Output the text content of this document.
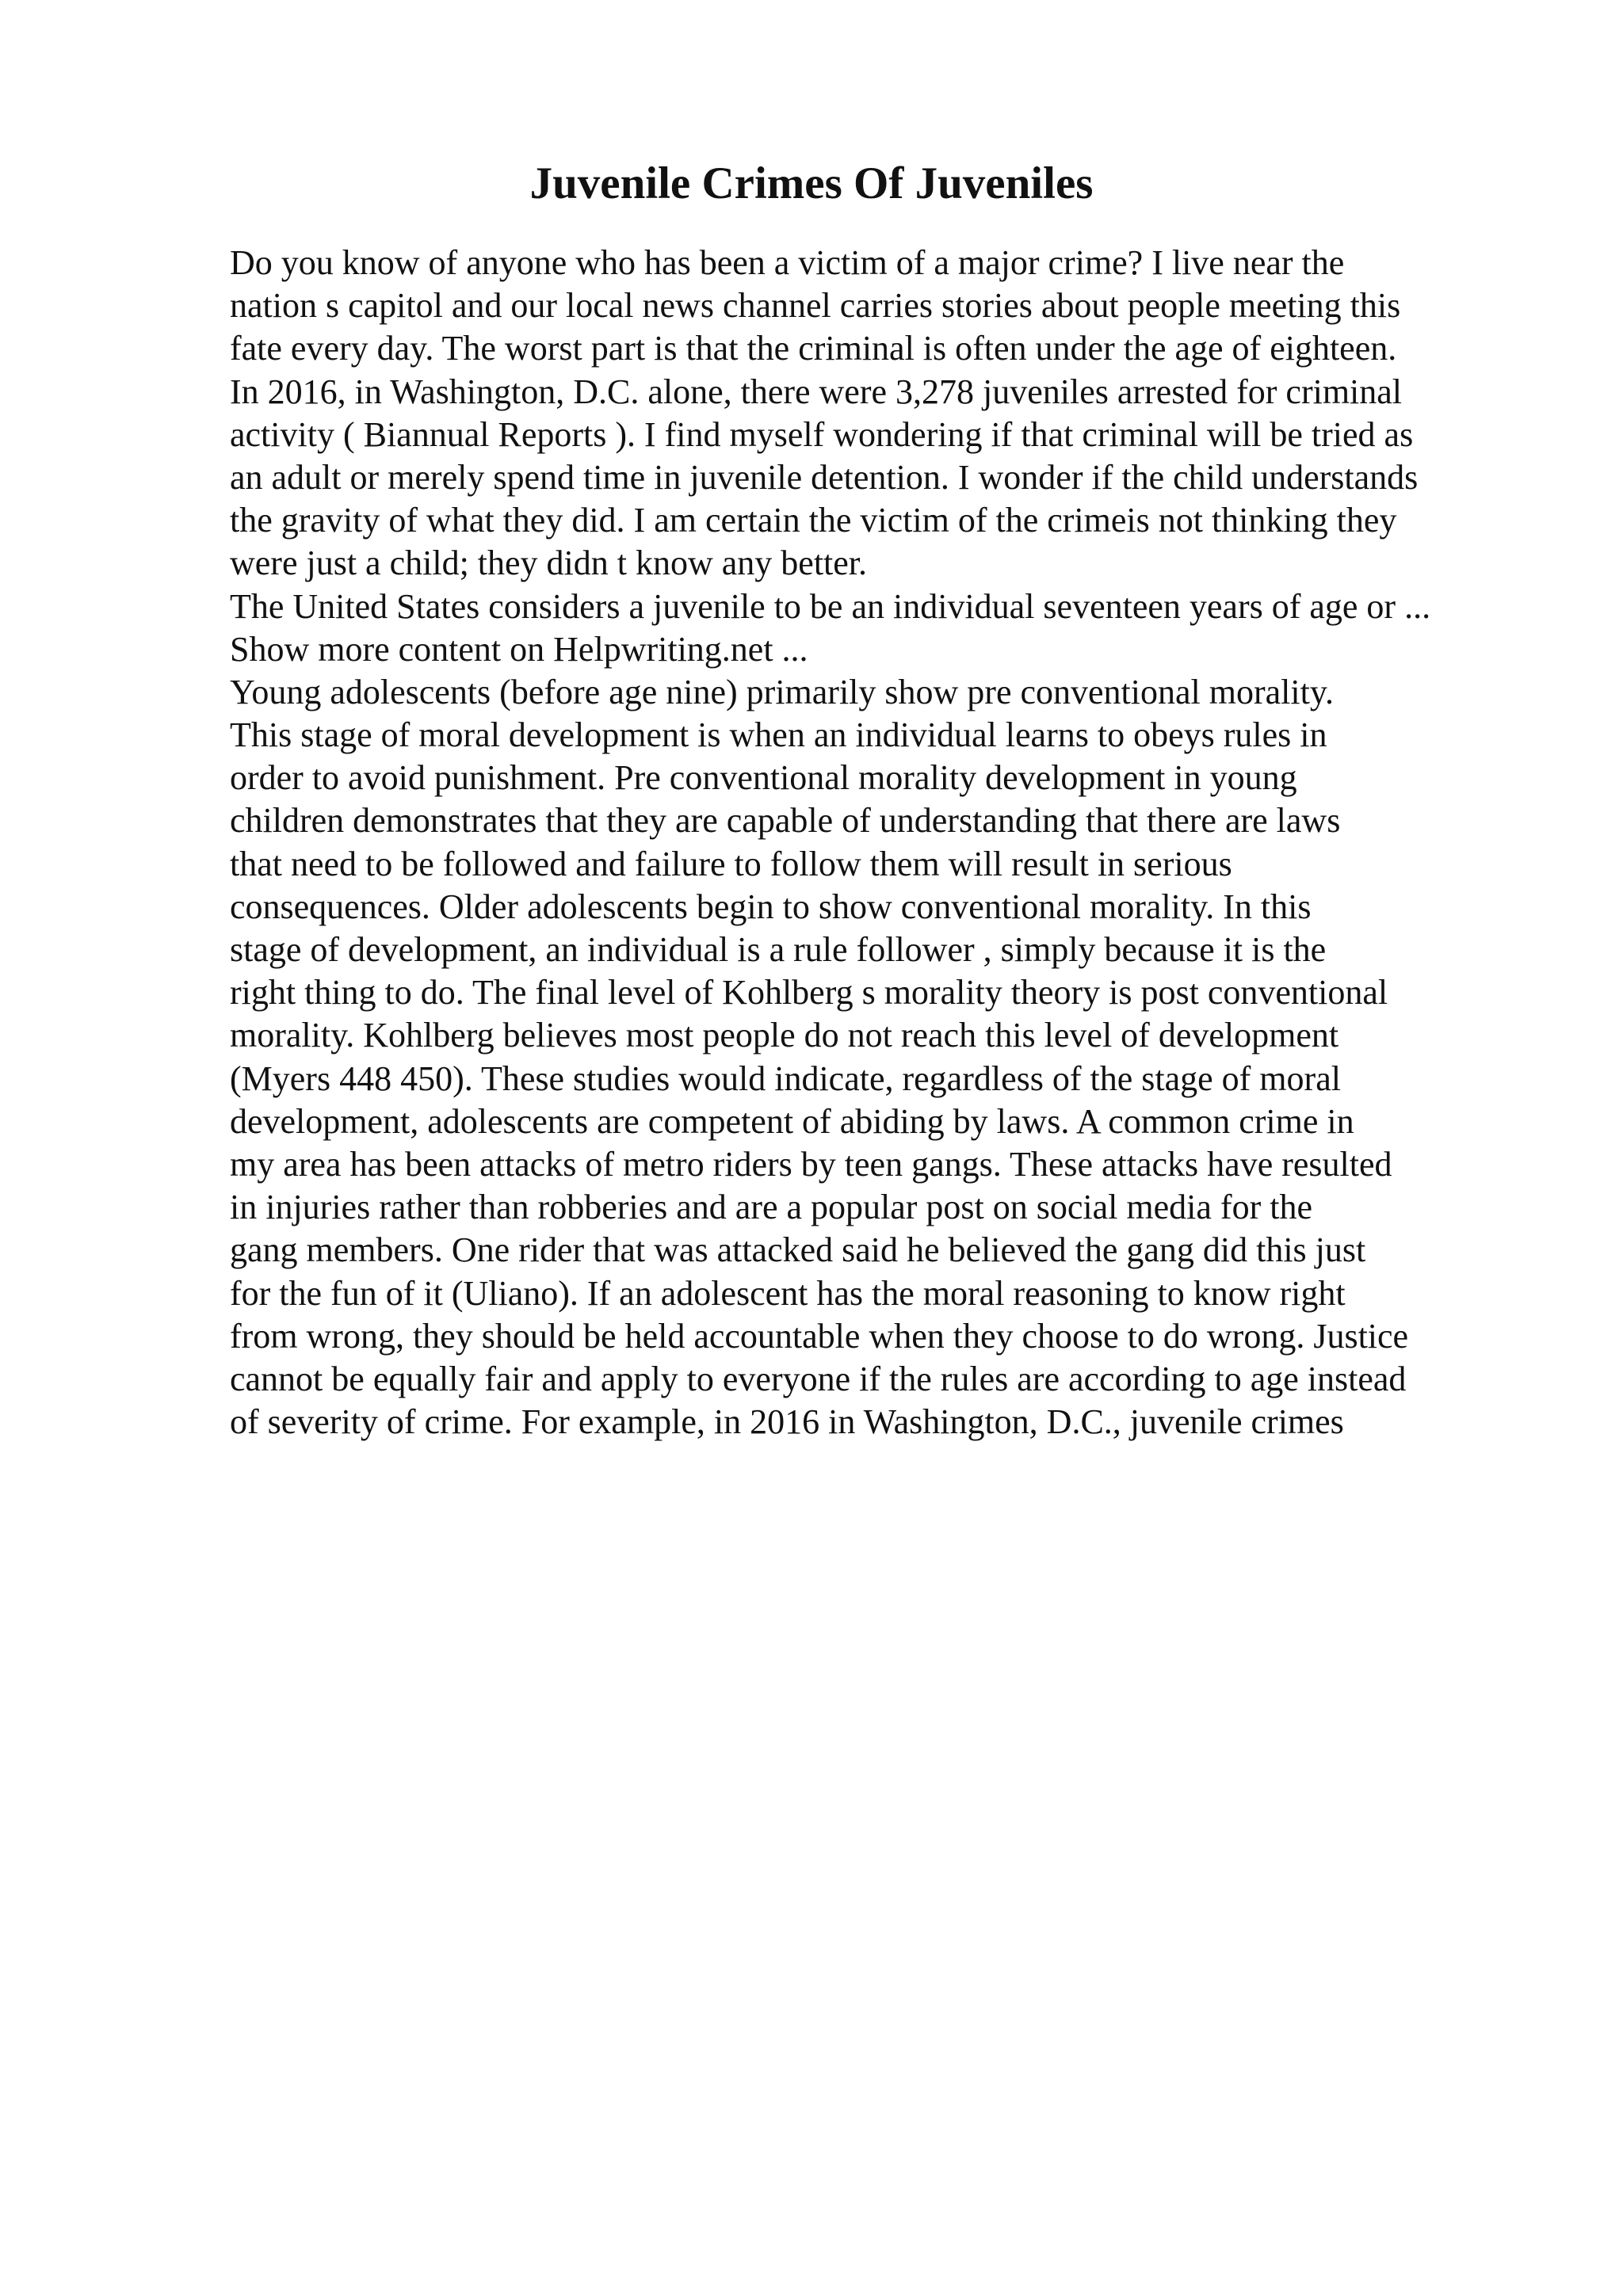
Juvenile Crimes Of Juveniles
Do you know of anyone who has been a victim of a major crime? I live near the
nation s capitol and our local news channel carries stories about people meeting this
fate every day. The worst part is that the criminal is often under the age of eighteen.
In 2016, in Washington, D.C. alone, there were 3,278 juveniles arrested for criminal
activity ( Biannual Reports ). I find myself wondering if that criminal will be tried as
an adult or merely spend time in juvenile detention. I wonder if the child understands
the gravity of what they did. I am certain the victim of the crimeis not thinking they
were just a child; they didn t know any better.
The United States considers a juvenile to be an individual seventeen years of age or ...
Show more content on Helpwriting.net ...
Young adolescents (before age nine) primarily show pre conventional morality.
This stage of moral development is when an individual learns to obeys rules in
order to avoid punishment. Pre conventional morality development in young
children demonstrates that they are capable of understanding that there are laws
that need to be followed and failure to follow them will result in serious
consequences. Older adolescents begin to show conventional morality. In this
stage of development, an individual is a rule follower , simply because it is the
right thing to do. The final level of Kohlberg s morality theory is post conventional
morality. Kohlberg believes most people do not reach this level of development
(Myers 448 450). These studies would indicate, regardless of the stage of moral
development, adolescents are competent of abiding by laws. A common crime in
my area has been attacks of metro riders by teen gangs. These attacks have resulted
in injuries rather than robberies and are a popular post on social media for the
gang members. One rider that was attacked said he believed the gang did this just
for the fun of it (Uliano). If an adolescent has the moral reasoning to know right
from wrong, they should be held accountable when they choose to do wrong. Justice
cannot be equally fair and apply to everyone if the rules are according to age instead
of severity of crime. For example, in 2016 in Washington, D.C., juvenile crimes
